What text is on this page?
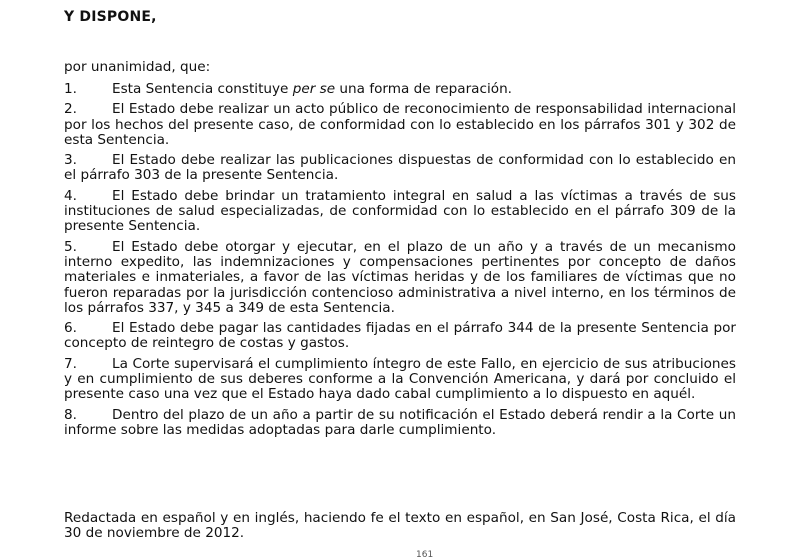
Y DISPONE,
por unanimidad, que:
1.	Esta Sentencia constituye per se una forma de reparación.
2.	El Estado debe realizar un acto público de reconocimiento de responsabilidad internacional por los hechos del presente caso, de conformidad con lo establecido en los párrafos 301 y 302 de esta Sentencia.
3.	El Estado debe realizar las publicaciones dispuestas de conformidad con lo establecido en el párrafo 303 de la presente Sentencia.
4.	El Estado debe brindar un tratamiento integral en salud a las víctimas a través de sus instituciones de salud especializadas, de conformidad con lo establecido en el párrafo 309 de la presente Sentencia.
5.	El Estado debe otorgar y ejecutar, en el plazo de un año y a través de un mecanismo interno expedito, las indemnizaciones y compensaciones pertinentes por concepto de daños materiales e inmateriales, a favor de las víctimas heridas y de los familiares de víctimas que no fueron reparadas por la jurisdicción contencioso administrativa a nivel interno, en los términos de los párrafos 337, y 345 a 349 de esta Sentencia.
6.	El Estado debe pagar las cantidades fijadas en el párrafo 344 de la presente Sentencia por concepto de reintegro de costas y gastos.
7.	La Corte supervisará el cumplimiento íntegro de este Fallo, en ejercicio de sus atribuciones y en cumplimiento de sus deberes conforme a la Convención Americana, y dará por concluido el presente caso una vez que el Estado haya dado cabal cumplimiento a lo dispuesto en aquél.
8.	Dentro del plazo de un año a partir de su notificación el Estado deberá rendir a la Corte un informe sobre las medidas adoptadas para darle cumplimiento.
Redactada en español y en inglés, haciendo fe el texto en español, en San José, Costa Rica, el día 30 de noviembre de 2012.
161
